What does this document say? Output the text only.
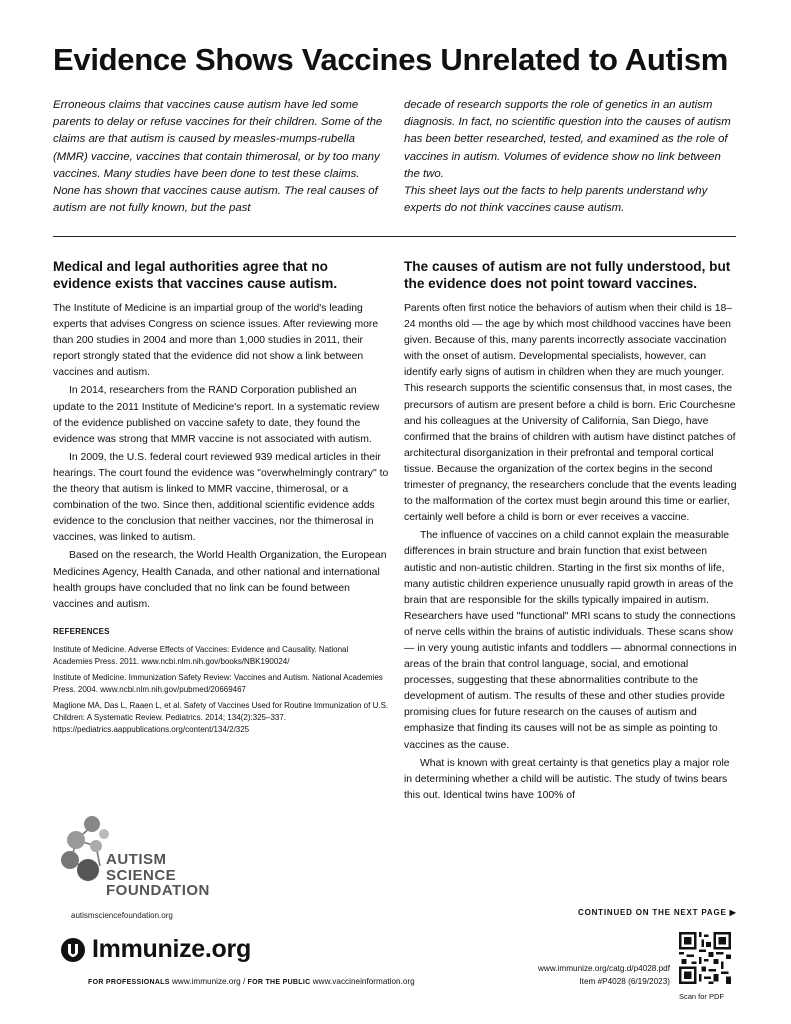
Evidence Shows Vaccines Unrelated to Autism

Erroneous claims that vaccines cause autism have led some parents to delay or refuse vaccines for their children. Some of the claims are that autism is caused by measles-mumps-rubella (MMR) vaccine, vaccines that contain thimerosal, or by too many vaccines. Many studies have been done to test these claims. None has shown that vaccines cause autism. The real causes of autism are not fully known, but the past

decade of research supports the role of genetics in an autism diagnosis. In fact, no scientific question into the causes of autism has been better researched, tested, and examined as the role of vaccines in autism. Volumes of evidence show no link between the two.

This sheet lays out the facts to help parents understand why experts do not think vaccines cause autism.

Medical and legal authorities agree that no evidence exists that vaccines cause autism.

The Institute of Medicine is an impartial group of the world's leading experts that advises Congress on science issues. After reviewing more than 200 studies in 2004 and more than 1,000 studies in 2011, their report strongly stated that the evidence did not show a link between vaccines and autism.

In 2014, researchers from the RAND Corporation published an update to the 2011 Institute of Medicine's report. In a systematic review of the evidence published on vaccine safety to date, they found the evidence was strong that MMR vaccine is not associated with autism.

In 2009, the U.S. federal court reviewed 939 medical articles in their hearings. The court found the evidence was "overwhelmingly contrary" to the theory that autism is linked to MMR vaccine, thimerosal, or a combination of the two. Since then, additional scientific evidence adds evidence to the conclusion that neither vaccines, nor the thimerosal in vaccines, was linked to autism.

Based on the research, the World Health Organization, the European Medicines Agency, Health Canada, and other national and international health groups have concluded that no link can be found between vaccines and autism.

REFERENCES

Institute of Medicine. Adverse Effects of Vaccines: Evidence and Causality. National Academies Press. 2011. www.ncbi.nlm.nih.gov/books/NBK190024/

Institute of Medicine. Immunization Safety Review: Vaccines and Autism. National Academies Press. 2004. www.ncbi.nlm.nih.gov/pubmed/20669467

Maglione MA, Das L, Raaen L, et al. Safety of Vaccines Used for Routine Immunization of U.S. Children: A Systematic Review. Pediatrics. 2014; 134(2):325–337. https://pediatrics.aappublications.org/content/134/2/325

The causes of autism are not fully understood, but the evidence does not point toward vaccines.

Parents often first notice the behaviors of autism when their child is 18–24 months old — the age by which most childhood vaccines have been given. Because of this, many parents incorrectly associate vaccination with the onset of autism. Developmental specialists, however, can identify early signs of autism in children when they are much younger. This research supports the scientific consensus that, in most cases, the precursors of autism are present before a child is born. Eric Courchesne and his colleagues at the University of California, San Diego, have confirmed that the brains of children with autism have distinct patches of architectural disorganization in their prefrontal and temporal cortical tissue. Because the organization of the cortex begins in the second trimester of pregnancy, the researchers conclude that the events leading to the malformation of the cortex must begin around this time or earlier, certainly well before a child is born or ever receives a vaccine.

The influence of vaccines on a child cannot explain the measurable differences in brain structure and brain function that exist between autistic and non-autistic children. Starting in the first six months of life, many autistic children experience unusually rapid growth in areas of the brain that are responsible for the skills typically impaired in autism. Researchers have used "functional" MRI scans to study the connections of nerve cells within the brains of autistic individuals. These scans show — in very young autistic infants and toddlers — abnormal connections in areas of the brain that control language, social, and emotional processes, suggesting that these abnormalities contribute to the development of autism. The results of these and other studies provide promising clues for future research on the causes of autism and emphasize that finding its causes will not be as simple as pointing to vaccines as the cause.

What is known with great certainty is that genetics play a major role in determining whether a child will be autistic. The study of twins bears this out. Identical twins have 100% of

AUTISM
SCIENCE
FOUNDATION
autismsciencefoundation.org	CONTINUED ON THE NEXT PAGE ▶
Immunize.org
FOR PROFESSIONALS www.immunize.org / FOR THE PUBLIC www.vaccineinformation.org
www.immunize.org/catg.d/p4028.pdf
Item #P4028 (6/19/2023)
Scan for PDF
